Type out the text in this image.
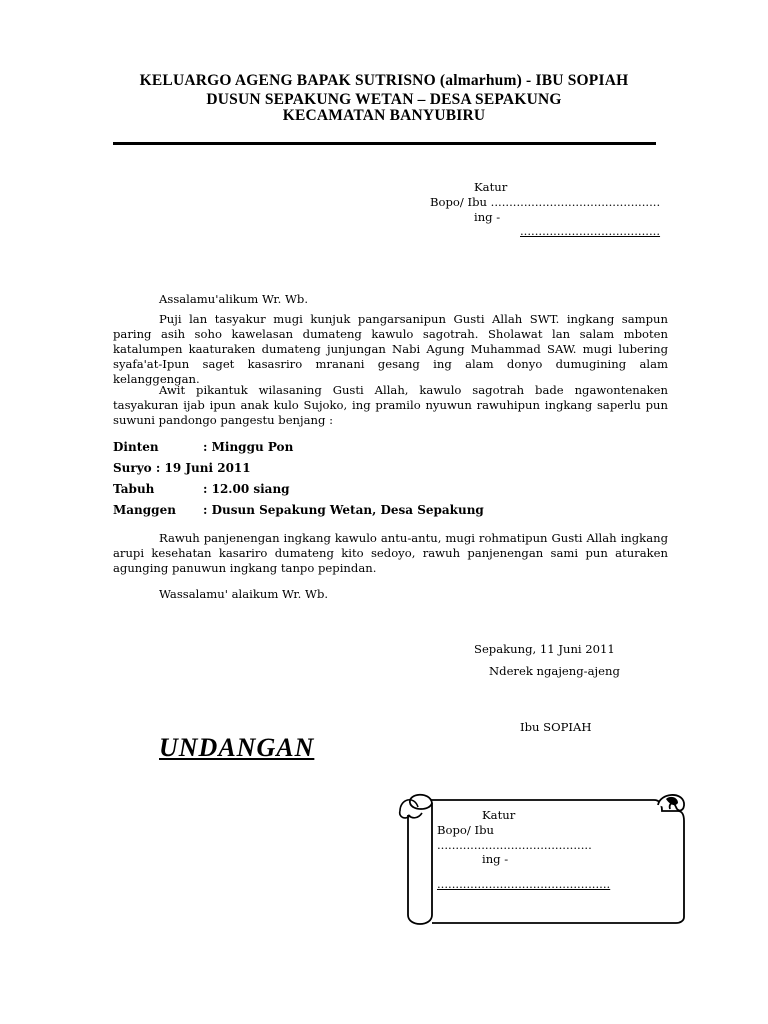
KELUARGO AGENG BAPAK SUTRISNO (almarhum) - IBU SOPIAH
DUSUN SEPAKUNG WETAN – DESA SEPAKUNG
KECAMATAN BANYUBIRU
Katur
Bopo/ Ibu ..............................................
ing -
......................................
Assalamu'alikum Wr. Wb.
Puji lan tasyakur mugi kunjuk pangarsanipun Gusti Allah SWT. ingkang sampun paring asih soho kawelasan dumateng kawulo sagotrah. Sholawat lan salam mboten katalumpen kaaturaken dumateng junjungan Nabi Agung Muhammad SAW. mugi lubering syafa'at-Ipun saget kasasriro mranani gesang ing alam donyo dumugining alam kelanggengan.
Awit pikantuk wilasaning Gusti Allah, kawulo sagotrah bade ngawontenaken tasyakuran ijab ipun anak kulo Sujoko, ing pramilo nyuwun rawuhipun ingkang saperlu pun suwuni pandongo pangestu benjang :
Dinten	: Minggu Pon
Suryo : 19 Juni 2011
Tabuh	: 12.00 siang
Manggen : Dusun Sepakung Wetan, Desa Sepakung
Rawuh panjenengan ingkang kawulo antu-antu, mugi rohmatipun Gusti Allah ingkang arupi kesehatan kasariro dumateng kito sedoyo, rawuh panjenengan sami pun aturaken agunging panuwun ingkang tanpo pepindan.
Wassalamu' alaikum Wr. Wb.
Sepakung, 11 Juni 2011
Nderek ngajeng-ajeng
Ibu SOPIAH
UNDANGAN
Katur
Bopo/ Ibu
..........................................
ing -
...............................................
